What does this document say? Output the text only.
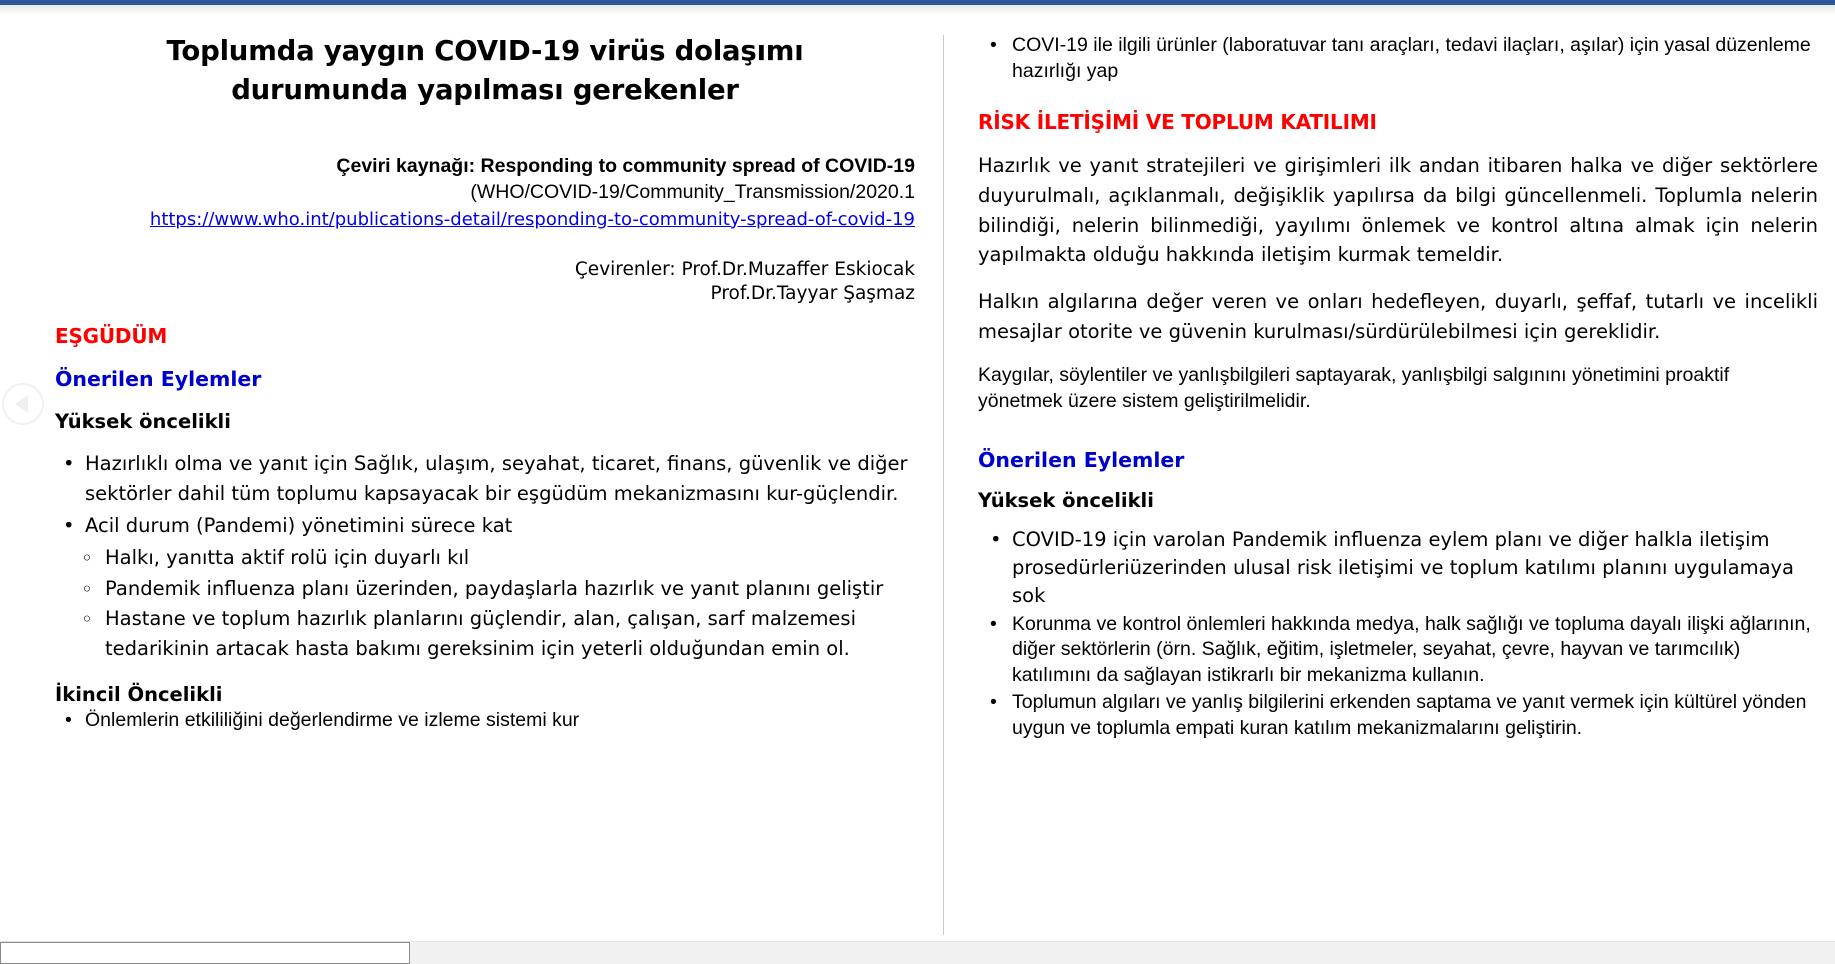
Toplumda yaygın COVID-19 virüs dolaşımı durumunda yapılması gerekenler
Çeviri kaynağı: Responding to community spread of COVID-19
(WHO/COVID-19/Community_Transmission/2020.1
https://www.who.int/publications-detail/responding-to-community-spread-of-covid-19
Çevirenler: Prof.Dr.Muzaffer Eskiocak
Prof.Dr.Tayyar Şaşmaz
EŞGÜDÜM
Önerilen Eylemler
Yüksek öncelikli
• Hazırlıklı olma ve yanıt için Sağlık, ulaşım, seyahat, ticaret, finans, güvenlik ve diğer sektörler dahil tüm toplumu kapsayacak bir eşgüdüm mekanizmasını kur-güçlendir.
• Acil durum (Pandemi) yönetimini sürece kat
◦ Halkı, yanıtta aktif rolü için duyarlı kıl
◦ Pandemik influenza planı üzerinden, paydaşlarla hazırlık ve yanıt planını geliştir
◦ Hastane ve toplum hazırlık planlarını güçlendir, alan, çalışan, sarf malzemesi tedarikinin artacak hasta bakımı gereksinim için yeterli olduğundan emin ol.
İkincil Öncelikli
• Önlemlerin etkililiğini değerlendirme ve izleme sistemi kur
• COVI-19 ile ilgili ürünler (laboratuvar tanı araçları, tedavi ilaçları, aşılar) için yasal düzenleme hazırlığı yap
RİSK İLETİŞİMİ VE TOPLUM KATILIMI
Hazırlık ve yanıt stratejileri ve girişimleri ilk andan itibaren halka ve diğer sektörlere duyurulmalı, açıklanmalı, değişiklik yapılırsa da bilgi güncellenmeli. Toplumla nelerin bilindiği, nelerin bilinmediği, yayılımı önlemek ve kontrol altına almak için nelerin yapılmakta olduğu hakkında iletişim kurmak temeldir.
Halkın algılarına değer veren ve onları hedefleyen, duyarlı, şeffaf, tutarlı ve incelikli mesajlar otorite ve güvenin kurulması/sürdürülebilmesi için gereklidir.
Kaygılar, söylentiler ve yanlışbilgileri saptayarak, yanlışbilgi salgınını yönetimini proaktif yönetmek üzere sistem geliştirilmelidir.
Önerilen Eylemler
Yüksek öncelikli
• COVID-19 için varolan Pandemik influenza eylem planı ve diğer halkla iletişim prosedürleriüzerinden ulusal risk iletişimi ve toplum katılımı planını uygulamaya sok
• Korunma ve kontrol önlemleri hakkında medya, halk sağlığı ve topluma dayalı ilişki ağlarının, diğer sektörlerin (örn. Sağlık, eğitim, işletmeler, seyahat, çevre, hayvan ve tarımcılık) katılımını da sağlayan istikrarlı bir mekanizma kullanın.
• Toplumun algıları ve yanlış bilgilerini erkenden saptama ve yanıt vermek için kültürel yönden uygun ve toplumla empati kuran katılım mekanizmalarını geliştirin.
